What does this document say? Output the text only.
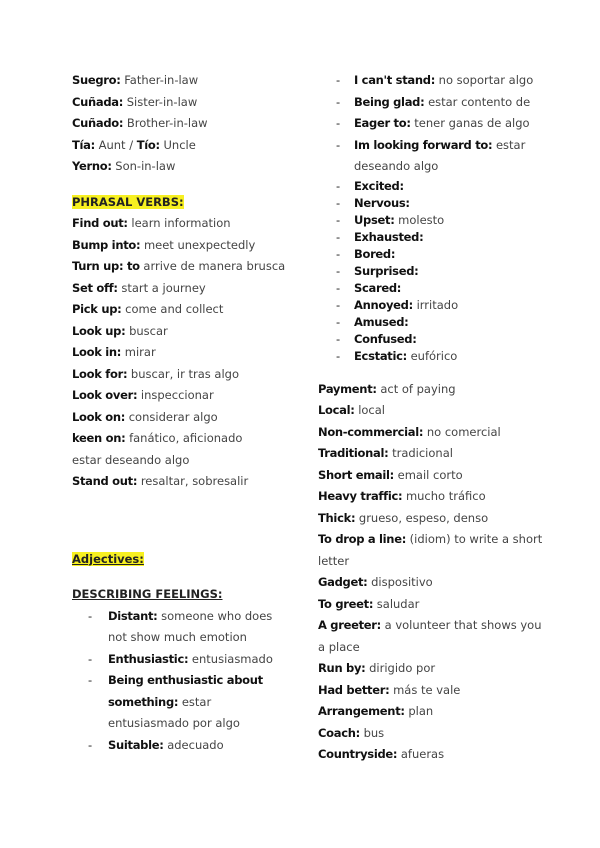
Suegro: Father-in-law
Cuñada: Sister-in-law
Cuñado: Brother-in-law
Tía: Aunt / Tío: Uncle
Yerno: Son-in-law
PHRASAL VERBS:
Find out: learn information
Bump into: meet unexpectedly
Turn up: to arrive de manera brusca
Set off: start a journey
Pick up: come and collect
Look up: buscar
Look in: mirar
Look for: buscar, ir tras algo
Look over: inspeccionar
Look on: considerar algo
keen on: fanático, aficionado
estar deseando algo
Stand out: resaltar, sobresalir
Adjectives:
DESCRIBING FEELINGS:
- Distant: someone who does
not show much emotion
- Enthusiastic: entusiasmado
- Being enthusiastic about
something: estar
entusiasmado por algo
- Suitable: adecuado
- I can't stand: no soportar algo
- Being glad: estar contento de
- Eager to: tener ganas de algo
- Im looking forward to: estar
deseando algo
- Excited:
- Nervous:
- Upset: molesto
- Exhausted:
- Bored:
- Surprised:
- Scared:
- Annoyed: irritado
- Amused:
- Confused:
- Ecstatic: eufórico
Payment: act of paying
Local: local
Non-commercial: no comercial
Traditional: tradicional
Short email: email corto
Heavy traffic: mucho tráfico
Thick: grueso, espeso, denso
To drop a line: (idiom) to write a short
letter
Gadget: dispositivo
To greet: saludar
A greeter: a volunteer that shows you
a place
Run by: dirigido por
Had better: más te vale
Arrangement: plan
Coach: bus
Countryside: afueras
